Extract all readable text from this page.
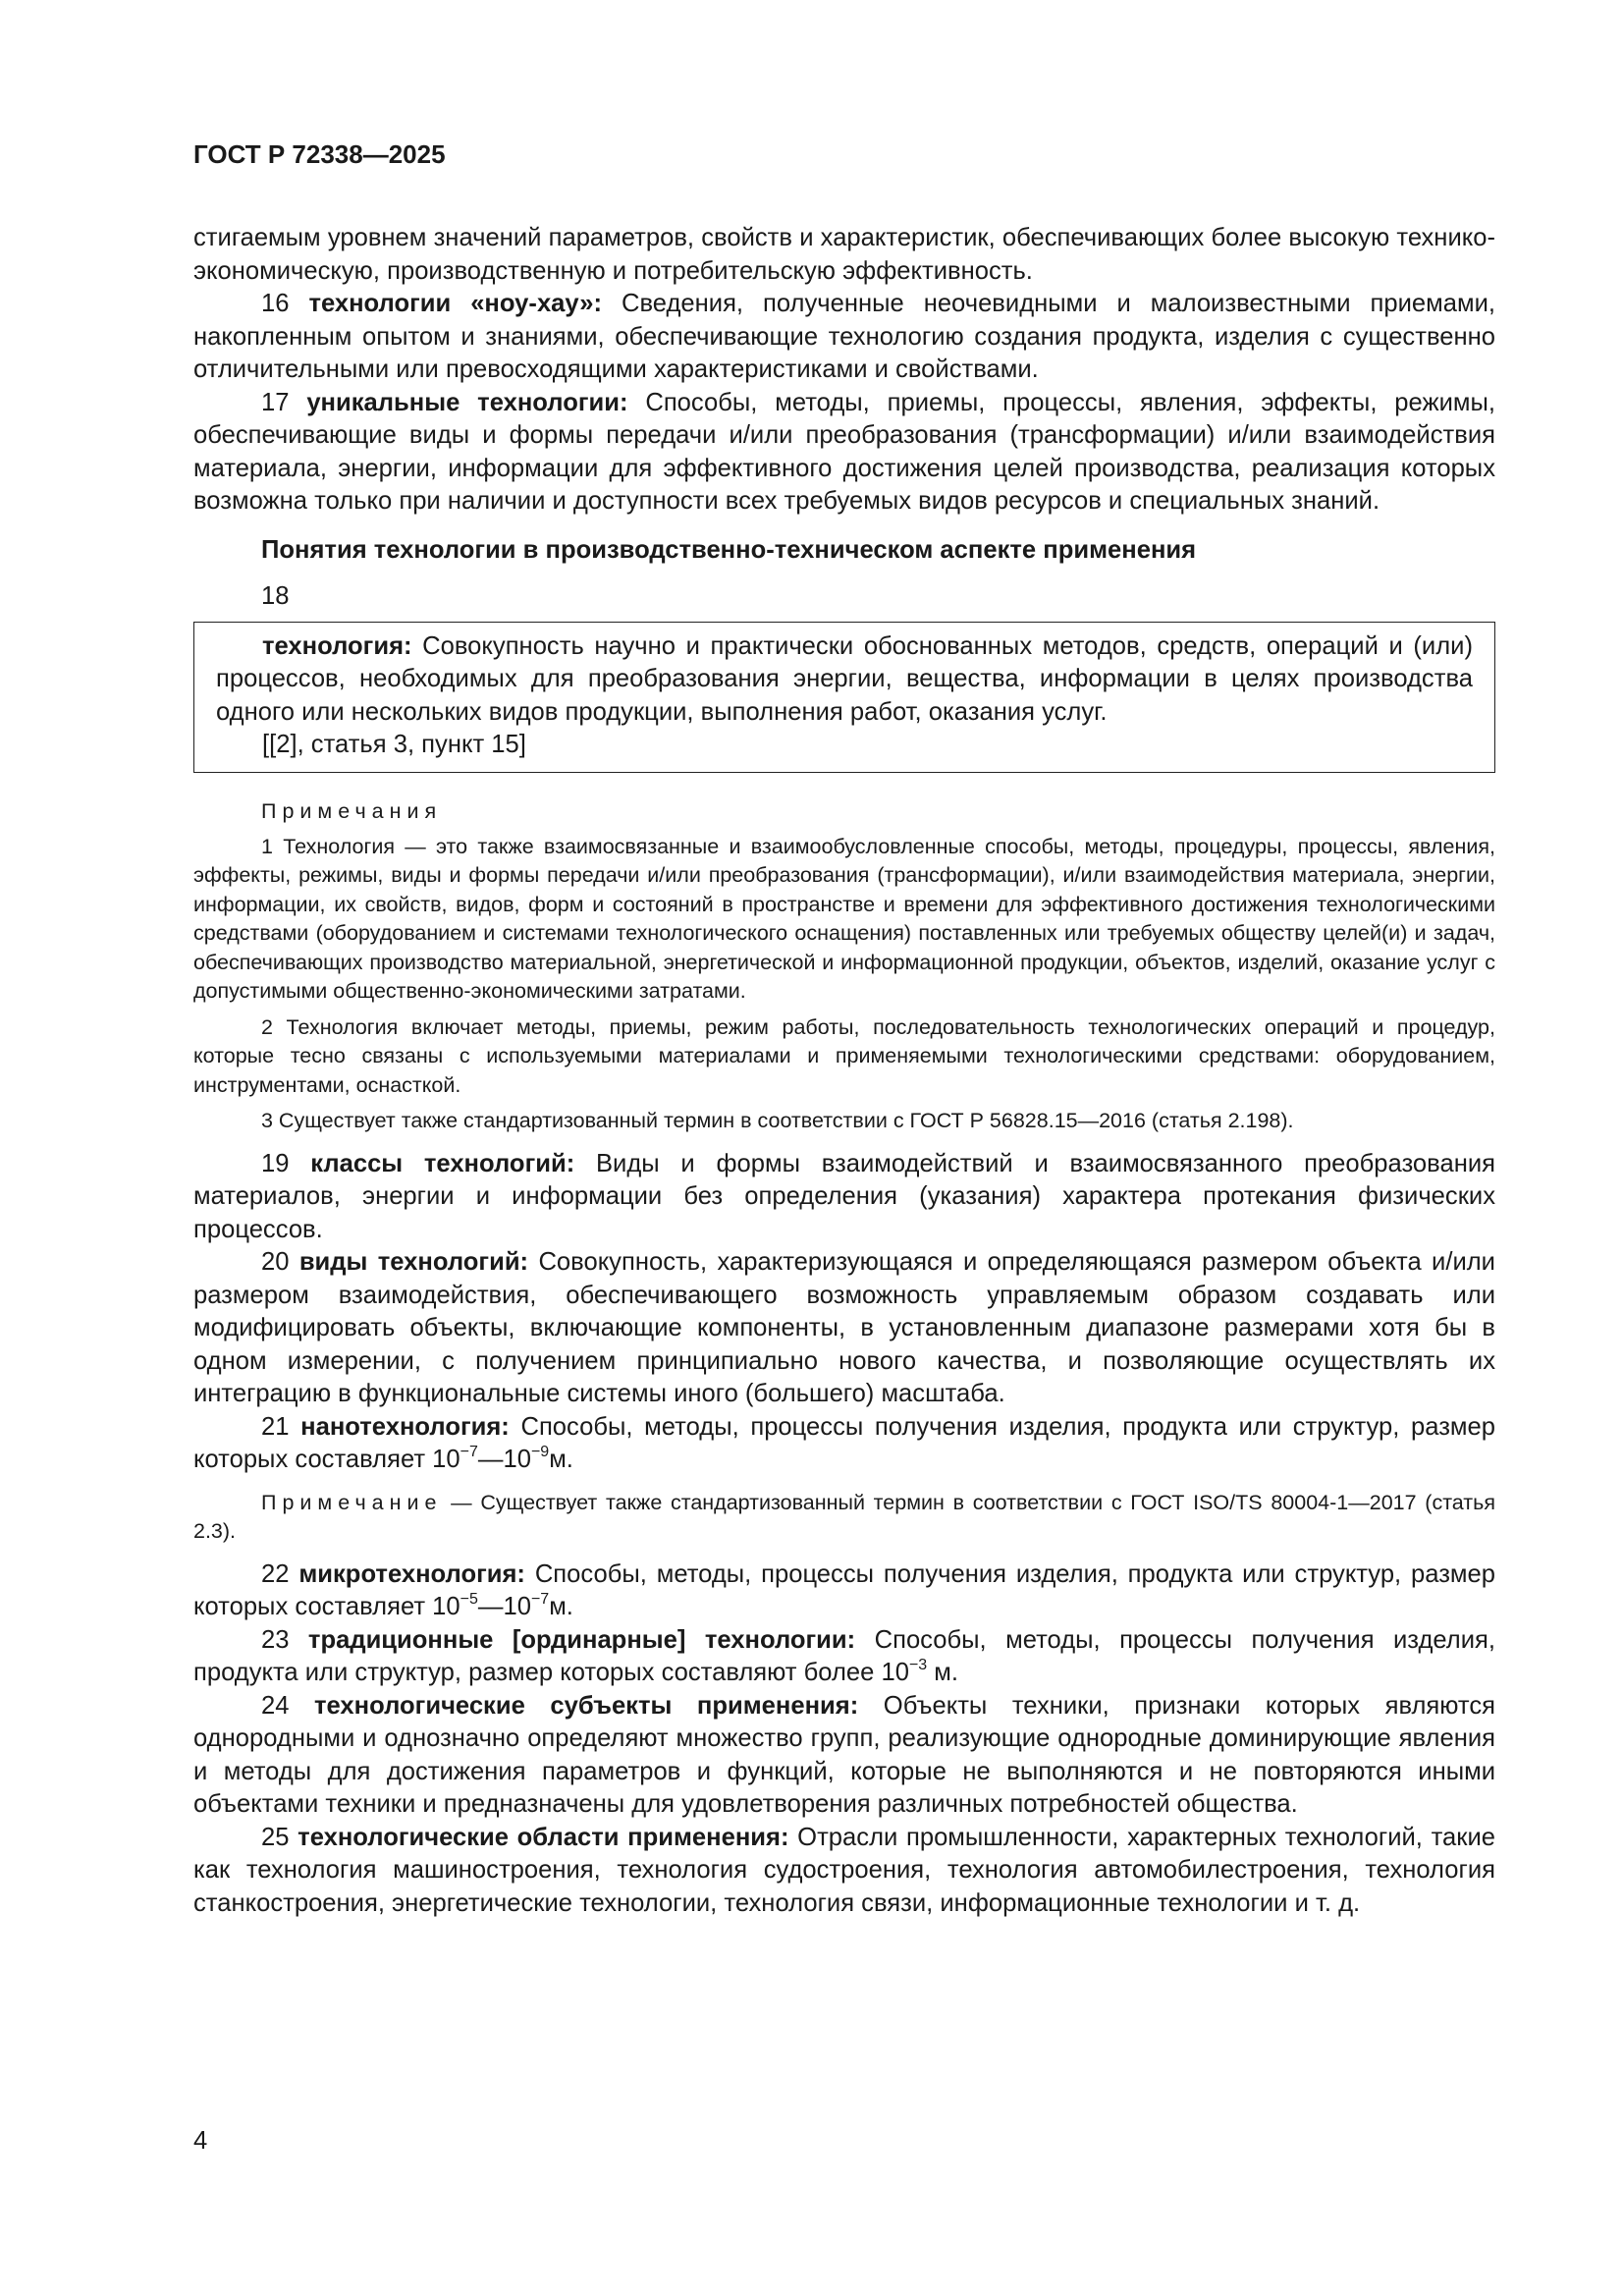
ГОСТ Р 72338—2025

стигаемым уровнем значений параметров, свойств и характеристик, обеспечивающих более высокую технико-экономическую, производственную и потребительскую эффективность.

16 технологии «ноу-хау»: Сведения, полученные неочевидными и малоизвестными приемами, накопленным опытом и знаниями, обеспечивающие технологию создания продукта, изделия с существенно отличительными или превосходящими характеристиками и свойствами.

17 уникальные технологии: Способы, методы, приемы, процессы, явления, эффекты, режимы, обеспечивающие виды и формы передачи и/или преобразования (трансформации) и/или взаимодействия материала, энергии, информации для эффективного достижения целей производства, реализация которых возможна только при наличии и доступности всех требуемых видов ресурсов и специальных знаний.

Понятия технологии в производственно-техническом аспекте применения

18

технология: Совокупность научно и практически обоснованных методов, средств, операций и (или) процессов, необходимых для преобразования энергии, вещества, информации в целях производства одного или нескольких видов продукции, выполнения работ, оказания услуг.

[[2], статья 3, пункт 15]

Примечания

1 Технология — это также взаимосвязанные и взаимообусловленные способы, методы, процедуры, процессы, явления, эффекты, режимы, виды и формы передачи и/или преобразования (трансформации), и/или взаимодействия материала, энергии, информации, их свойств, видов, форм и состояний в пространстве и времени для эффективного достижения технологическими средствами (оборудованием и системами технологического оснащения) поставленных или требуемых обществу целей(и) и задач, обеспечивающих производство материальной, энергетической и информационной продукции, объектов, изделий, оказание услуг с допустимыми общественно-экономическими затратами.

2 Технология включает методы, приемы, режим работы, последовательность технологических операций и процедур, которые тесно связаны с используемыми материалами и применяемыми технологическими средствами: оборудованием, инструментами, оснасткой.

3 Существует также стандартизованный термин в соответствии с ГОСТ Р 56828.15—2016 (статья 2.198).

19 классы технологий: Виды и формы взаимодействий и взаимосвязанного преобразования материалов, энергии и информации без определения (указания) характера протекания физических процессов.

20 виды технологий: Совокупность, характеризующаяся и определяющаяся размером объекта и/или размером взаимодействия, обеспечивающего возможность управляемым образом создавать или модифицировать объекты, включающие компоненты, в установленным диапазоне размерами хотя бы в одном измерении, с получением принципиально нового качества, и позволяющие осуществлять их интеграцию в функциональные системы иного (большего) масштаба.

21 нанотехнология: Способы, методы, процессы получения изделия, продукта или структур, размер которых составляет $10^{-7}—10^{-9}м$.

Примечание — Существует также стандартизованный термин в соответствии с ГОСТ ISO/TS 80004-1—2017 (статья 2.3).

22 микротехнология: Способы, методы, процессы получения изделия, продукта или структур, размер которых составляет $10^{-5}—10^{-7}м$.

23 традиционные [ординарные] технологии: Способы, методы, процессы получения изделия, продукта или структур, размер которых составляют более $10^{-3}$ м.

24 технологические субъекты применения: Объекты техники, признаки которых являются однородными и однозначно определяют множество групп, реализующие однородные доминирующие явления и методы для достижения параметров и функций, которые не выполняются и не повторяются иными объектами техники и предназначены для удовлетворения различных потребностей общества.

25 технологические области применения: Отрасли промышленности, характерных технологий, такие как технология машиностроения, технология судостроения, технология автомобилестроения, технология станкостроения, энергетические технологии, технология связи, информационные технологии и т. д.

4
